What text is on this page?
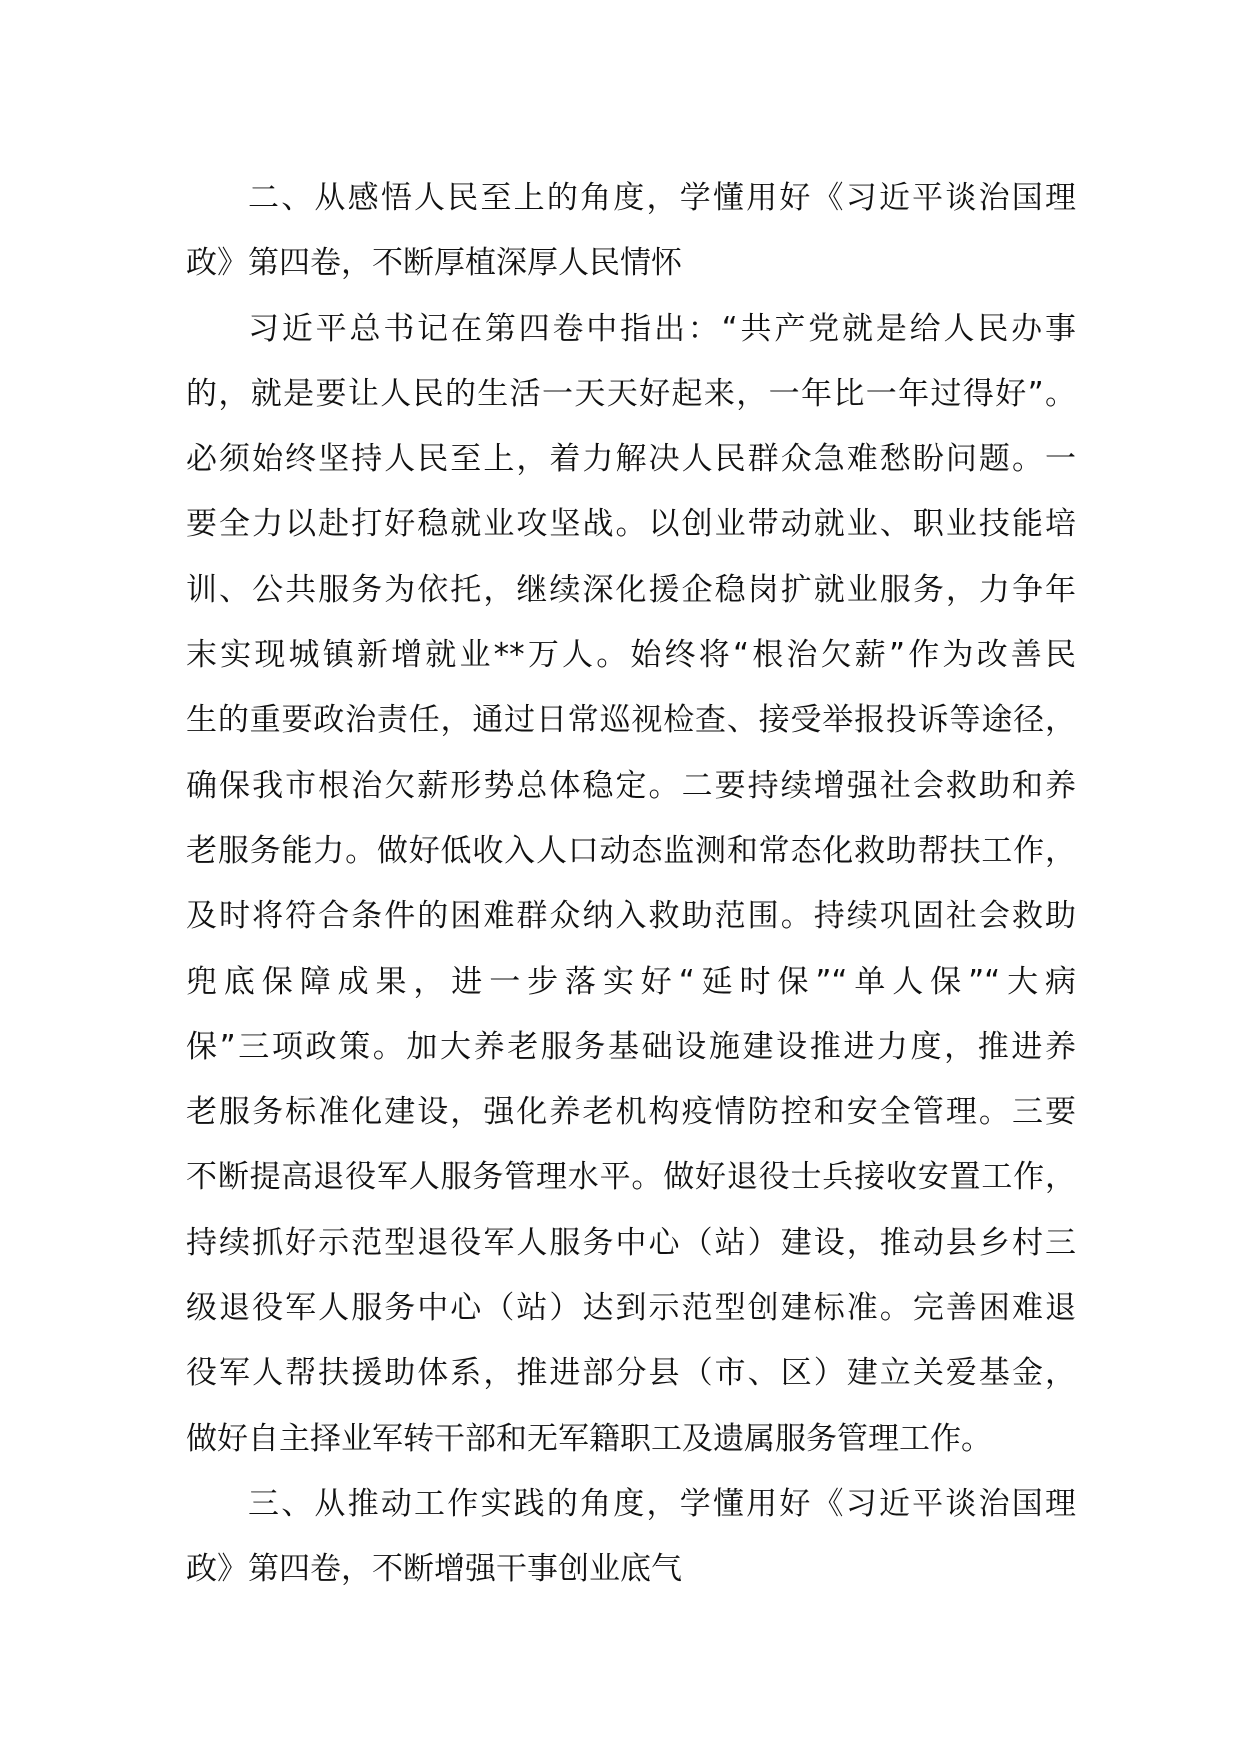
二、从感悟人民至上的角度，学懂用好《习近平谈治国理
政》第四卷，不断厚植深厚人民情怀
习近平总书记在第四卷中指出：“共产党就是给人民办事
的，就是要让人民的生活一天天好起来，一年比一年过得好”。
必须始终坚持人民至上，着力解决人民群众急难愁盼问题。一
要全力以赴打好稳就业攻坚战。以创业带动就业、职业技能培
训、公共服务为依托，继续深化援企稳岗扩就业服务，力争年
末实现城镇新增就业**万人。始终将“根治欠薪”作为改善民
生的重要政治责任，通过日常巡视检查、接受举报投诉等途径，
确保我市根治欠薪形势总体稳定。二要持续增强社会救助和养
老服务能力。做好低收入人口动态监测和常态化救助帮扶工作，
及时将符合条件的困难群众纳入救助范围。持续巩固社会救助
兜底保障成果，进一步落实好“延时保”“单人保”“大病
保”三项政策。加大养老服务基础设施建设推进力度，推进养
老服务标准化建设，强化养老机构疫情防控和安全管理。三要
不断提高退役军人服务管理水平。做好退役士兵接收安置工作，
持续抓好示范型退役军人服务中心（站）建设，推动县乡村三
级退役军人服务中心（站）达到示范型创建标准。完善困难退
役军人帮扶援助体系，推进部分县（市、区）建立关爱基金，
做好自主择业军转干部和无军籍职工及遗属服务管理工作。
三、从推动工作实践的角度，学懂用好《习近平谈治国理
政》第四卷，不断增强干事创业底气
